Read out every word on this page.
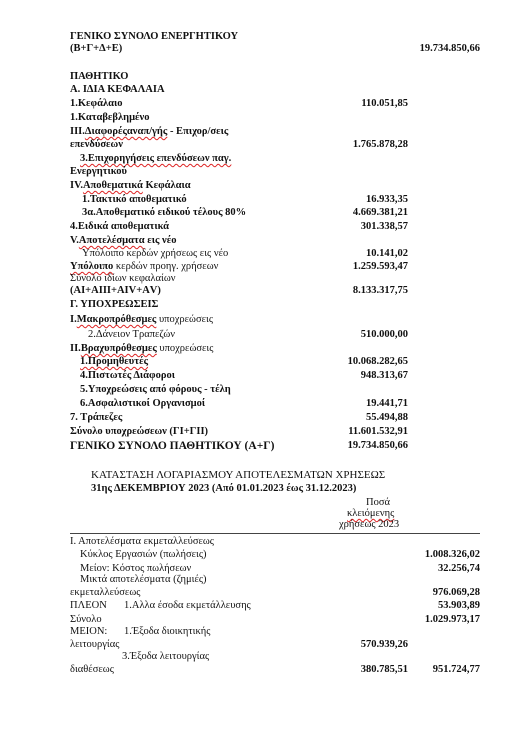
ΓΕΝΙΚΟ ΣΥΝΟΛΟ ΕΝΕΡΓΗΤΙΚΟΥ
(Β+Γ+Δ+Ε)	19.734.850,66
ΠΑΘΗΤΙΚΟ
Α. ΙΔΙΑ ΚΕΦΑΛΑΙΑ
1.Κεφάλαιο	110.051,85
1.Καταβεβλημένο
ΙΙΙ.Διαφορέςαναπ/γής - Επιχορ/σεις
επενδύσεων	1.765.878,28
3.Επιχορηγήσεις επενδύσεων παγ.
Ενεργητικού
IV.Αποθεματικά Κεφάλαια
1.Τακτικό αποθεματικό	16.933,35
3α.Αποθεματικό ειδικού τέλους 80%	4.669.381,21
4.Ειδικά αποθεματικά	301.338,57
V.Αποτελέσματα εις νέο
Υπόλοιπο κερδών χρήσεως εις νέο	10.141,02
Υπόλοιπο κερδών προηγ. χρήσεων	1.259.593,47
Σύνολο ιδίων κεφαλαίων
(ΑΙ+ΑΙΙΙ+ΑΙV+ΑV)	8.133.317,75
Γ. ΥΠΟΧΡΕΩΣΕΙΣ
Ι.Μακροπρόθεσμες υποχρεώσεις
2.Δάνειον Τραπεζών	510.000,00
ΙΙ.Βραχυπρόθεσμες υποχρεώσεις
1.Προμηθευτές	10.068.282,65
4.Πιστωτές Διάφοροι	948.313,67
5.Υποχρεώσεις από φόρους - τέλη
6.Ασφαλιστικοί Οργανισμοί	19.441,71
7. Τράπεζες	55.494,88
Σύνολο υποχρεώσεων (ΓΙ+ΓΙΙ)	11.601.532,91
ΓΕΝΙΚΟ ΣΥΝΟΛΟ ΠΑΘΗΤΙΚΟΥ (Α+Γ)	19.734.850,66
ΚΑΤΑΣΤΑΣΗ ΛΟΓΑΡΙΑΣΜΟΥ ΑΠΟΤΕΛΕΣΜΑΤΩΝ ΧΡΗΣΕΩΣ
31ης ΔΕΚΕΜΒΡΙΟΥ 2023 (Από 01.01.2023 έως 31.12.2023)
Ποσά
κλειόμενης
χρήσεως 2023
Ι. Αποτελέσματα εκμεταλλεύσεως
Κύκλος Εργασιών (πωλήσεις)	1.008.326,02
Μείον: Κόστος πωλήσεων	32.256,74
Μικτά αποτελέσματα (ζημιές)
εκμεταλλεύσεως	976.069,28
ΠΛΕΟΝ 1.Αλλα έσοδα εκμετάλλευσης	53.903,89
Σύνολο	1.029.973,17
ΜΕΙΟΝ: 1.Έξοδα διοικητικής
λειτουργίας	570.939,26
3.Έξοδα λειτουργίας
διαθέσεως	380.785,51 951.724,77
